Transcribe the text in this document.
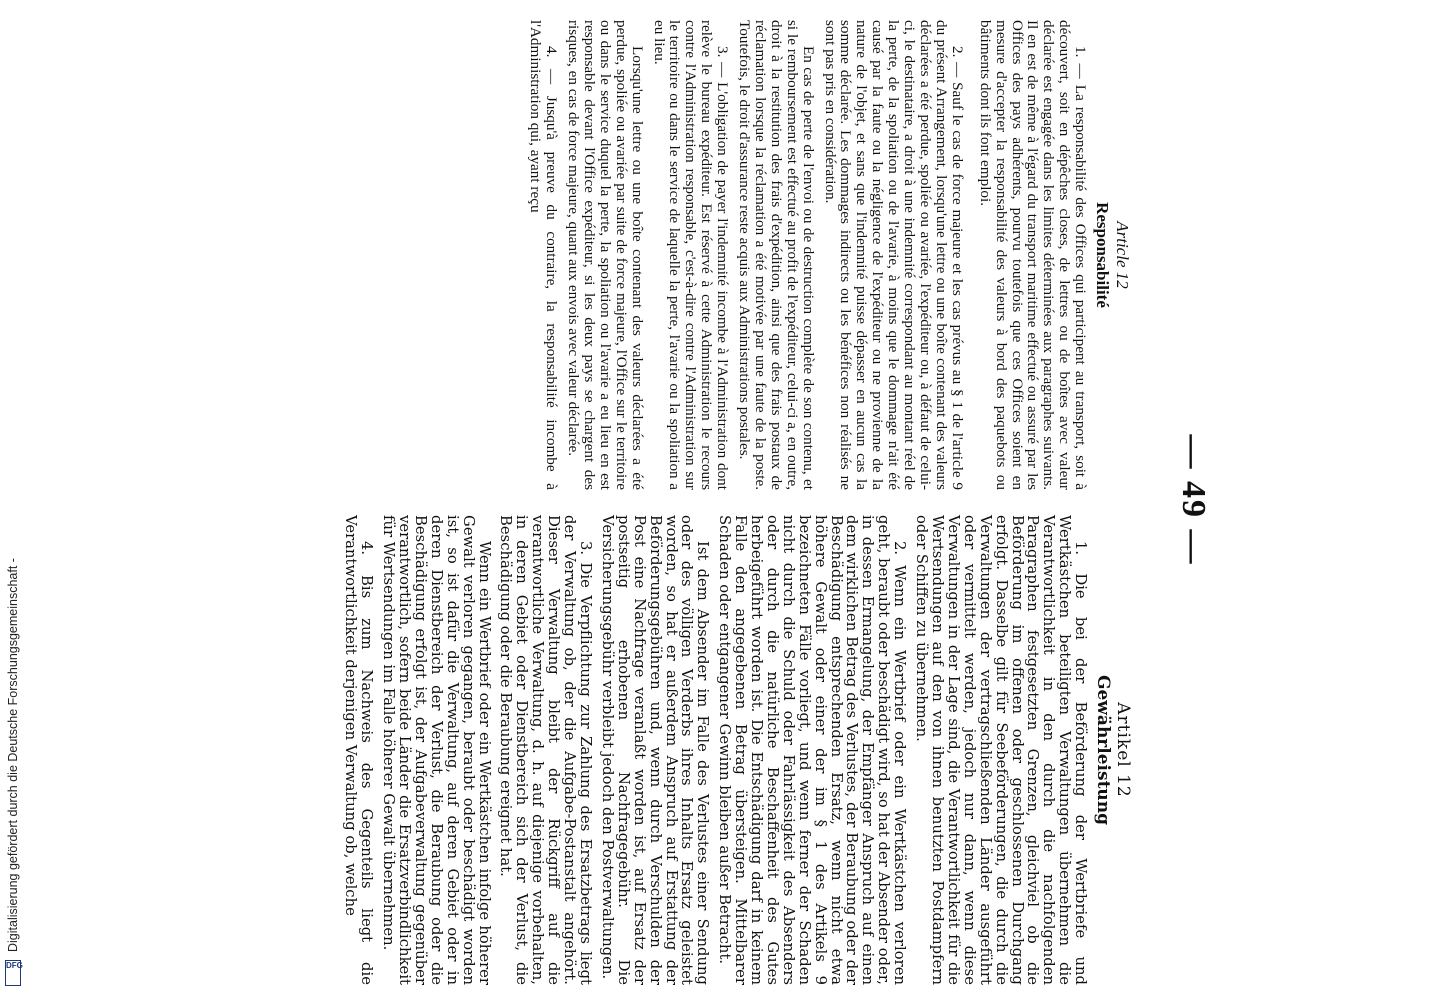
— 49 —
Article 12
Responsabilité

1. — La responsabilité des Offices qui participent au transport, soit à découvert, soit en dépêches closes, de lettres ou de boîtes avec valeur déclarée est engagée dans les limites déterminées aux paragraphes suivants. Il en est de même à l'égard du transport maritime effectué ou assuré par les Offices des pays adhérents, pourvu toutefois que ces Offices soient en mesure d'accepter la responsabilité des valeurs à bord des paquebots ou bâtiments dont ils font emploi.

2. — Sauf le cas de force majeure et les cas prévus au § 1 de l'article 9 du présent Arrangement, lorsqu'une lettre ou une boîte contenant des valeurs déclarées a été perdue, spoliée ou avariée, l'expéditeur ou, à défaut de celui-ci, le destinataire, a droit à une indemnité correspondant au montant réel de la perte, de la spoliation ou de l'avarie, à moins que le dommage n'ait été causé par la faute ou la négligence de l'expéditeur ou ne provienne de la nature de l'objet, et sans que l'indemnité puisse dépasser en aucun cas la somme déclarée. Les dommages indirects ou les bénéfices non réalisés ne sont pas pris en considération.

En cas de perte de l'envoi ou de destruction complète de son contenu, et si le remboursement est effectué au profit de l'expéditeur, celui-ci a, en outre, droit à la restitution des frais d'expédition, ainsi que des frais postaux de réclamation lorsque la réclamation a été motivée par une faute de la poste. Toutefois, le droit d'assurance reste acquis aux Administrations postales.

3. — L'obligation de payer l'indemnité incombe à l'Administration dont relève le bureau expéditeur. Est réservé à cette Administration le recours contre l'Administration responsable, c'est-à-dire contre l'Administration sur le territoire ou dans le service de laquelle la perte, l'avarie ou la spoliation a eu lieu.

Lorsqu'une lettre ou une boîte contenant des valeurs déclarées a été perdue, spoliée ou avariée par suite de force majeure, l'Office sur le territoire ou dans le service duquel la perte, la spoliation ou l'avarie a eu lieu en est responsable devant l'Office expéditeur, si les deux pays se chargent des risques, en cas de force majeure, quant aux envois avec valeur déclarée.

4. — Jusqu'à preuve du contraire, la responsabilité incombe à l'Administration qui, ayant reçu

Artikel 12
Gewährleistung

1. Die bei der Beförderung der Wertbriefe und Wertkästchen beteiligten Verwaltungen übernehmen die Verantwortlichkeit in den durch die nachfolgenden Paragraphen festgesetzten Grenzen, gleichviel ob die Beförderung im offenen oder geschlossenen Durchgang erfolgt. Dasselbe gilt für Seebeförderungen, die durch die Verwaltungen der vertragschließenden Länder ausgeführt oder vermittelt werden, jedoch nur dann, wenn diese Verwaltungen in der Lage sind, die Verantwortlichkeit für die Wertsendungen auf den von ihnen benutzten Postdampfern oder Schiffen zu übernehmen.

2. Wenn ein Wertbrief oder ein Wertkästchen verloren geht, beraubt oder beschädigt wird, so hat der Absender oder, in dessen Ermangelung, der Empfänger Anspruch auf einen dem wirklichen Betrag des Verlustes, der Beraubung oder der Beschädigung entsprechenden Ersatz, wenn nicht etwa höhere Gewalt oder einer der im § 1 des Artikels 9 bezeichneten Fälle vorliegt, und wenn ferner der Schaden nicht durch die Schuld oder Fahrlässigkeit des Absenders oder durch die natürliche Beschaffenheit des Gutes herbeigeführt worden ist. Die Entschädigung darf in keinem Falle den angegebenen Betrag übersteigen. Mittelbarer Schaden oder entgangener Gewinn bleiben außer Betracht.

Ist dem Absender im Falle des Verlustes einer Sendung oder des völligen Verderbs ihres Inhalts Ersatz geleistet worden, so hat er außerdem Anspruch auf Erstattung der Beförderungsgebühren und, wenn durch Verschulden der Post eine Nachfrage veranlaßt worden ist, auf Ersatz der postseitig erhobenen Nachfragegebühr. Die Versicherungsgebühr verbleibt jedoch den Postverwaltungen.

3. Die Verpflichtung zur Zahlung des Ersatzbetrags liegt der Verwaltung ob, der die Aufgabe-Postanstalt angehört. Dieser Verwaltung bleibt der Rückgriff auf die verantwortliche Verwaltung, d. h. auf diejenige vorbehalten, in deren Gebiet oder Dienstbereich sich der Verlust, die Beschädigung oder die Beraubung ereignet hat.

Wenn ein Wertbrief oder ein Wertkästchen infolge höherer Gewalt verloren gegangen, beraubt oder beschädigt worden ist, so ist dafür die Verwaltung, auf deren Gebiet oder in deren Dienstbereich der Verlust, die Beraubung oder die Beschädigung erfolgt ist, der Aufgabeverwaltung gegenüber verantwortlich, sofern beide Länder die Ersatzverbindlichkeit für Wertsendungen im Falle höherer Gewalt übernehmen.

4. Bis zum Nachweis des Gegenteils liegt die Verantwortlichkeit derjenigen Verwaltung ob, welche

Digitalisierung gefördert durch die Deutsche Forschungsgemeinschaft -
DFG
